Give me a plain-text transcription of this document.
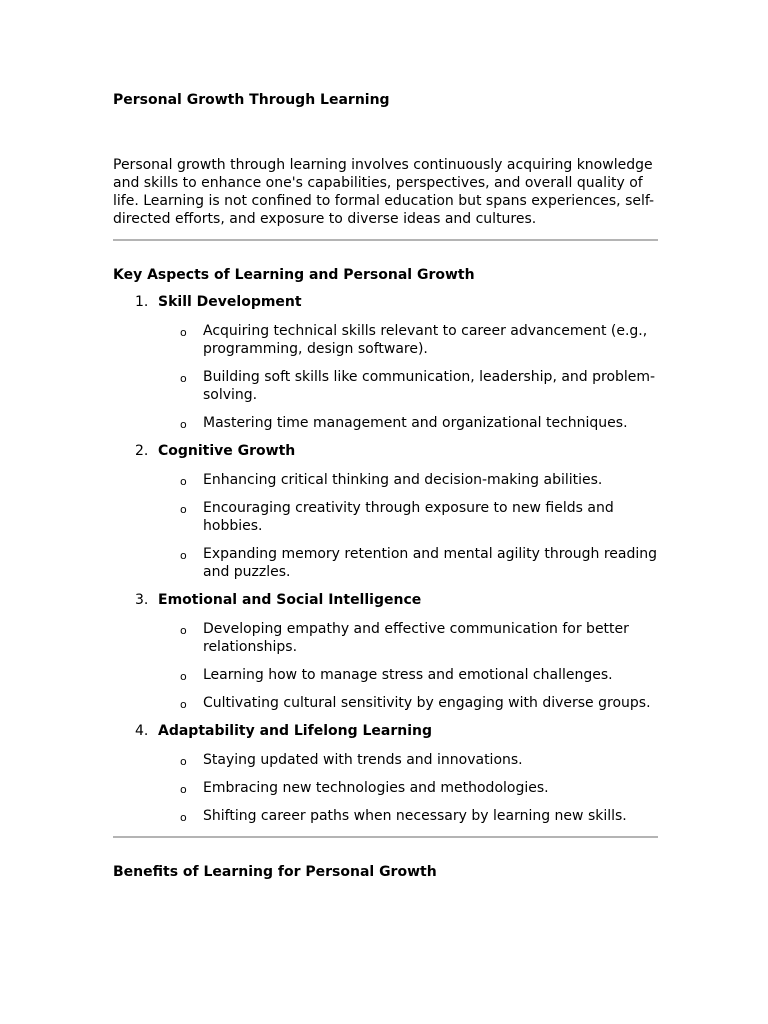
Personal Growth Through Learning

Personal growth through learning involves continuously acquiring knowledge and skills to enhance one's capabilities, perspectives, and overall quality of life. Learning is not confined to formal education but spans experiences, self-directed efforts, and exposure to diverse ideas and cultures.

Key Aspects of Learning and Personal Growth
1. Skill Development
o Acquiring technical skills relevant to career advancement (e.g., programming, design software).
o Building soft skills like communication, leadership, and problem-solving.
o Mastering time management and organizational techniques.
2. Cognitive Growth
o Enhancing critical thinking and decision-making abilities.
o Encouraging creativity through exposure to new fields and hobbies.
o Expanding memory retention and mental agility through reading and puzzles.
3. Emotional and Social Intelligence
o Developing empathy and effective communication for better relationships.
o Learning how to manage stress and emotional challenges.
o Cultivating cultural sensitivity by engaging with diverse groups.
4. Adaptability and Lifelong Learning
o Staying updated with trends and innovations.
o Embracing new technologies and methodologies.
o Shifting career paths when necessary by learning new skills.
Benefits of Learning for Personal Growth
